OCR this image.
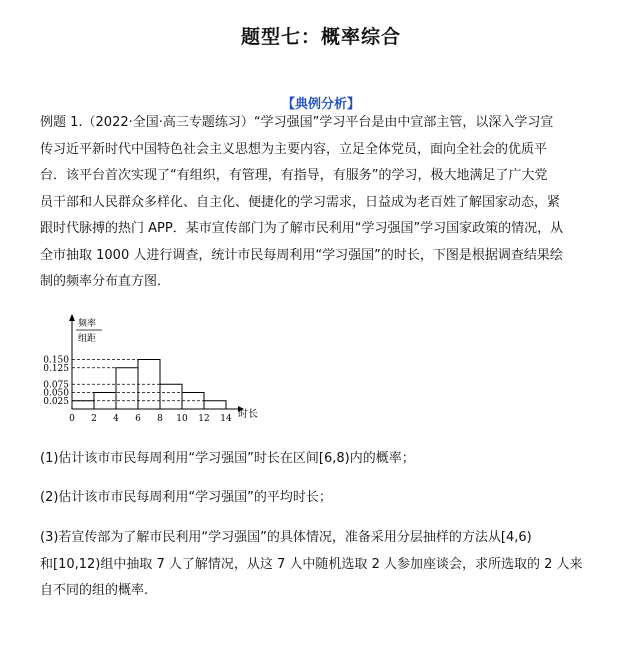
题型七：概率综合
【典例分析】
例题 1.（2022·全国·高三专题练习）“学习强国”学习平台是由中宣部主管，以深入学习宣
传习近平新时代中国特色社会主义思想为主要内容，立足全体党员，面向全社会的优质平
台．该平台首次实现了“有组织，有管理，有指导，有服务”的学习，极大地满足了广大党
员干部和人民群众多样化、自主化、便捷化的学习需求，日益成为老百姓了解国家动态，紧
跟时代脉搏的热门 APP．某市宣传部门为了解市民利用“学习强国”学习国家政策的情况，从
全市抽取 1000 人进行调查，统计市民每周利用“学习强国”的时长，下图是根据调查结果绘
制的频率分布直方图．
0.025
0.050
0.075
0.125
0.150
0 2 4 6 8 10 12 14 时长
频率
组距
(1)估计该市市民每周利用“学习强国”时长在区间[6,8)内的概率；
(2)估计该市市民每周利用“学习强国”的平均时长；
(3)若宣传部为了解市民利用“学习强国”的具体情况，准备采用分层抽样的方法从[4,6)
和[10,12)组中抽取 7 人了解情况，从这 7 人中随机选取 2 人参加座谈会，求所选取的 2 人来
自不同的组的概率.
